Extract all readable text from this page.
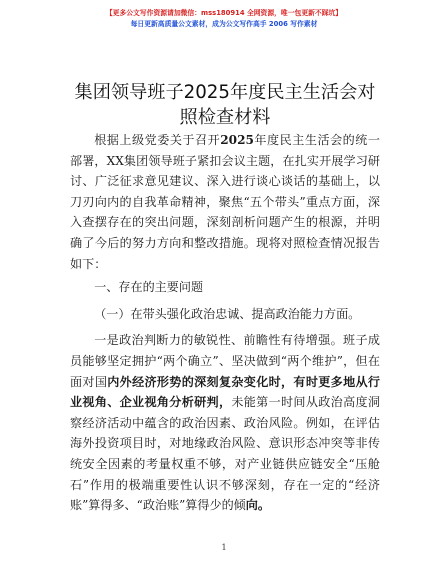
【更多公文写作资源请加微信：mss180914 全网资源，唯一包更新不踩坑】
每日更新高质量公文素材，成为公文写作高手 2006 写作素材
集团领导班子2025年度民主生活会对照检查材料

根据上级党委关于召开2025年度民主生活会的统一部署，XX集团领导班子紧扣会议主题，在扎实开展学习研讨、广泛征求意见建议、深入进行谈心谈话的基础上，以刀刃向内的自我革命精神，聚焦“五个带头”重点方面，深入查摆存在的突出问题，深刻剖析问题产生的根源，并明确了今后的努力方向和整改措施。现将对照检查情况报告如下：

一、存在的主要问题

（一）在带头强化政治忠诚、提高政治能力方面。

一是政治判断力的敏锐性、前瞻性有待增强。班子成员能够坚定拥护“两个确立”、坚决做到“两个维护”，但在面对国内外经济形势的深刻复杂变化时，有时更多地从行业视角、企业视角分析研判，未能第一时间从政治高度洞察经济活动中蕴含的政治因素、政治风险。例如，在评估海外投资项目时，对地缘政治风险、意识形态冲突等非传统安全因素的考量权重不够，对产业链供应链安全“压舱石”作用的极端重要性认识不够深刻，存在一定的“经济账”算得多、“政治账”算得少的倾向。

1
